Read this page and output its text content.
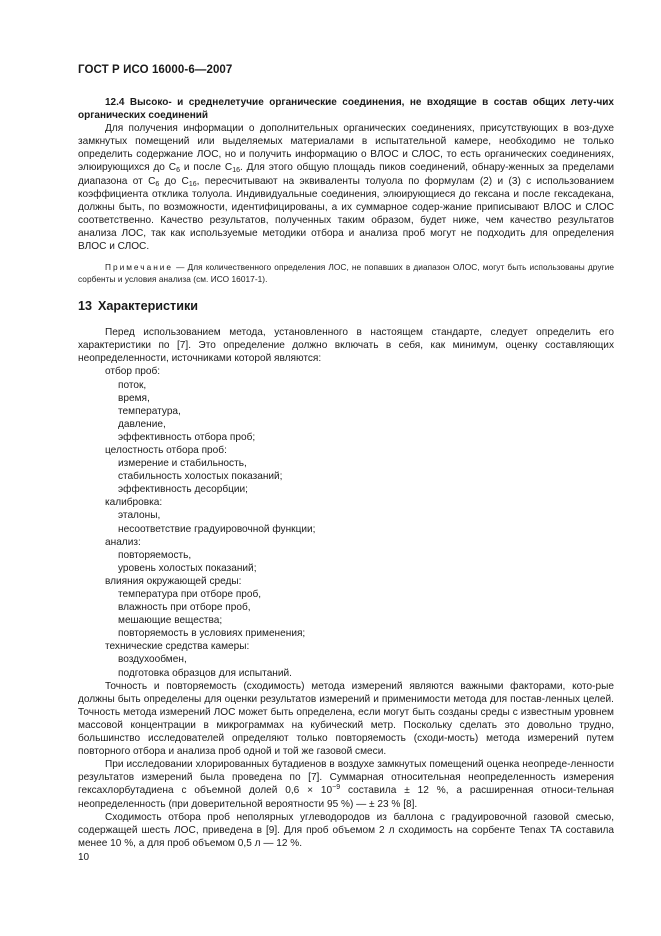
ГОСТ Р ИСО 16000-6—2007

12.4 Высоко- и среднелетучие органические соединения, не входящие в состав общих лету-чих органических соединений

Для получения информации о дополнительных органических соединениях, присутствующих в воз-духе замкнутых помещений или выделяемых материалами в испытательной камере, необходимо не только определить содержание ЛОС, но и получить информацию о ВЛОС и СЛОС, то есть органических соединениях, элюирующихся до $C_6$ и после $C_{16}$. Для этого общую площадь пиков соединений, обнару-женных за пределами диапазона от $C_6$ до $C_{16}$, пересчитывают на эквиваленты толуола по формулам (2) и (3) с использованием коэффициента отклика толуола. Индивидуальные соединения, элюирующиеся до гексана и после гексадекана, должны быть, по возможности, идентифицированы, а их суммарное содер-жание приписывают ВЛОС и СЛОС соответственно. Качество результатов, полученных таким образом, будет ниже, чем качество результатов анализа ЛОС, так как используемые методики отбора и анализа проб могут не подходить для определения ВЛОС и СЛОС.

Примечание — Для количественного определения ЛОС, не попавших в диапазон ОЛОС, могут быть использованы другие сорбенты и условия анализа (см. ИСО 16017-1).

13 Характеристики

Перед использованием метода, установленного в настоящем стандарте, следует определить его характеристики по [7]. Это определение должно включать в себя, как минимум, оценку составляющих неопределенности, источниками которой являются:

отбор проб:

поток,

время,

температура,

давление,

эффективность отбора проб;

целостность отбора проб:

измерение и стабильность,

стабильность холостых показаний;

эффективность десорбции;

калибровка:

эталоны,

несоответствие градуировочной функции;

анализ:

повторяемость,

уровень холостых показаний;

влияния окружающей среды:

температура при отборе проб,

влажность при отборе проб,

мешающие вещества;

повторяемость в условиях применения;

технические средства камеры:

воздухообмен,

подготовка образцов для испытаний.

Точность и повторяемость (сходимость) метода измерений являются важными факторами, кото-рые должны быть определены для оценки результатов измерений и применимости метода для постав-ленных целей. Точность метода измерений ЛОС может быть определена, если могут быть созданы среды с известным уровнем массовой концентрации в микрограммах на кубический метр. Поскольку сделать это довольно трудно, большинство исследователей определяют только повторяемость (сходи-мость) метода измерений путем повторного отбора и анализа проб одной и той же газовой смеси.

При исследовании хлорированных бутадиенов в воздухе замкнутых помещений оценка неопреде-ленности результатов измерений была проведена по [7]. Суммарная относительная неопределенность измерения гексахлорбутадиена с объемной долей $0,6 \times 10^{-9}$ составила ± 12 %, а расширенная относи-тельная неопределенность (при доверительной вероятности 95 %) — ± 23 % [8].

Сходимость отбора проб неполярных углеводородов из баллона с градуировочной газовой смесью, содержащей шесть ЛОС, приведена в [9]. Для проб объемом 2 л сходимость на сорбенте Tenax TA составила менее 10 %, а для проб объемом 0,5 л — 12 %.

10
